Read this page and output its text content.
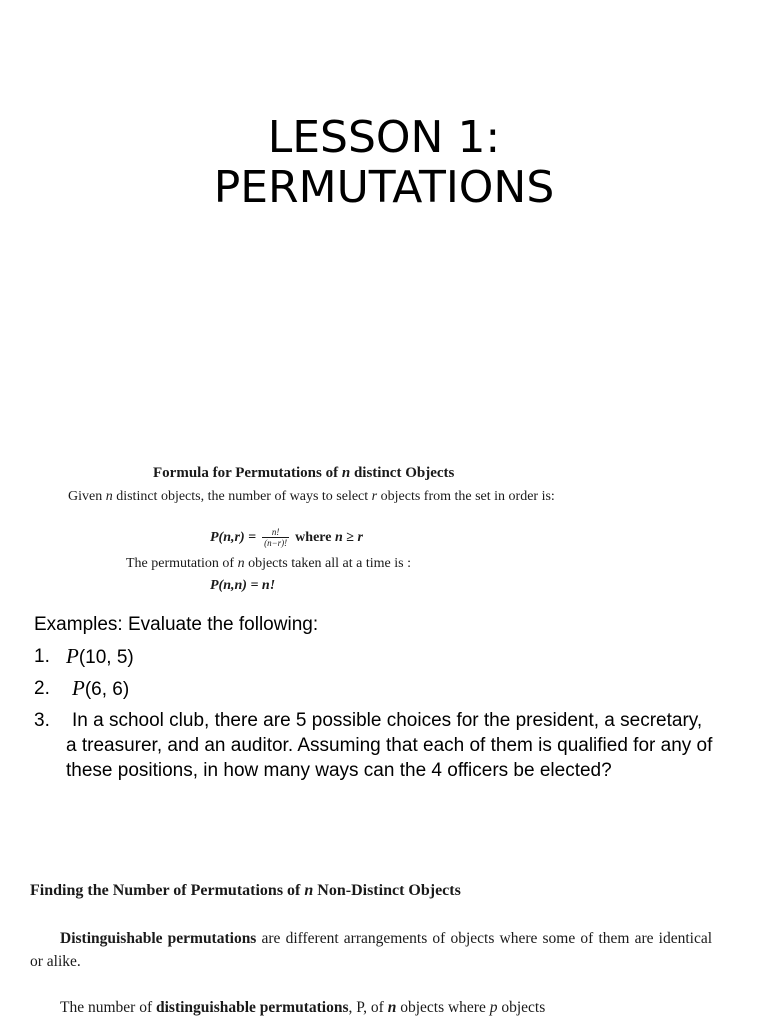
LESSON 1:
PERMUTATIONS
Formula for Permutations of n distinct Objects
Given n distinct objects, the number of ways to select r objects from the set in order is:
$P(n,r) = \frac{n!}{(n-r)!}$ where
n ≥ r
The permutation of n objects taken all at a time is :
P(n,n) = n!
Examples: Evaluate the following:
1. P(10, 5)
2.	P(6, 6)
3.	In a school club, there are 5 possible choices for the president, a secretary, a treasurer, and an auditor. Assuming that each of them is qualified for any of these positions, in how many ways can the 4 officers be elected?
Finding the Number of Permutations of n Non-Distinct Objects
Distinguishable permutations are different arrangements of objects where some of them are identical or alike.
The number of distinguishable permutations, P, of n objects where p objects
